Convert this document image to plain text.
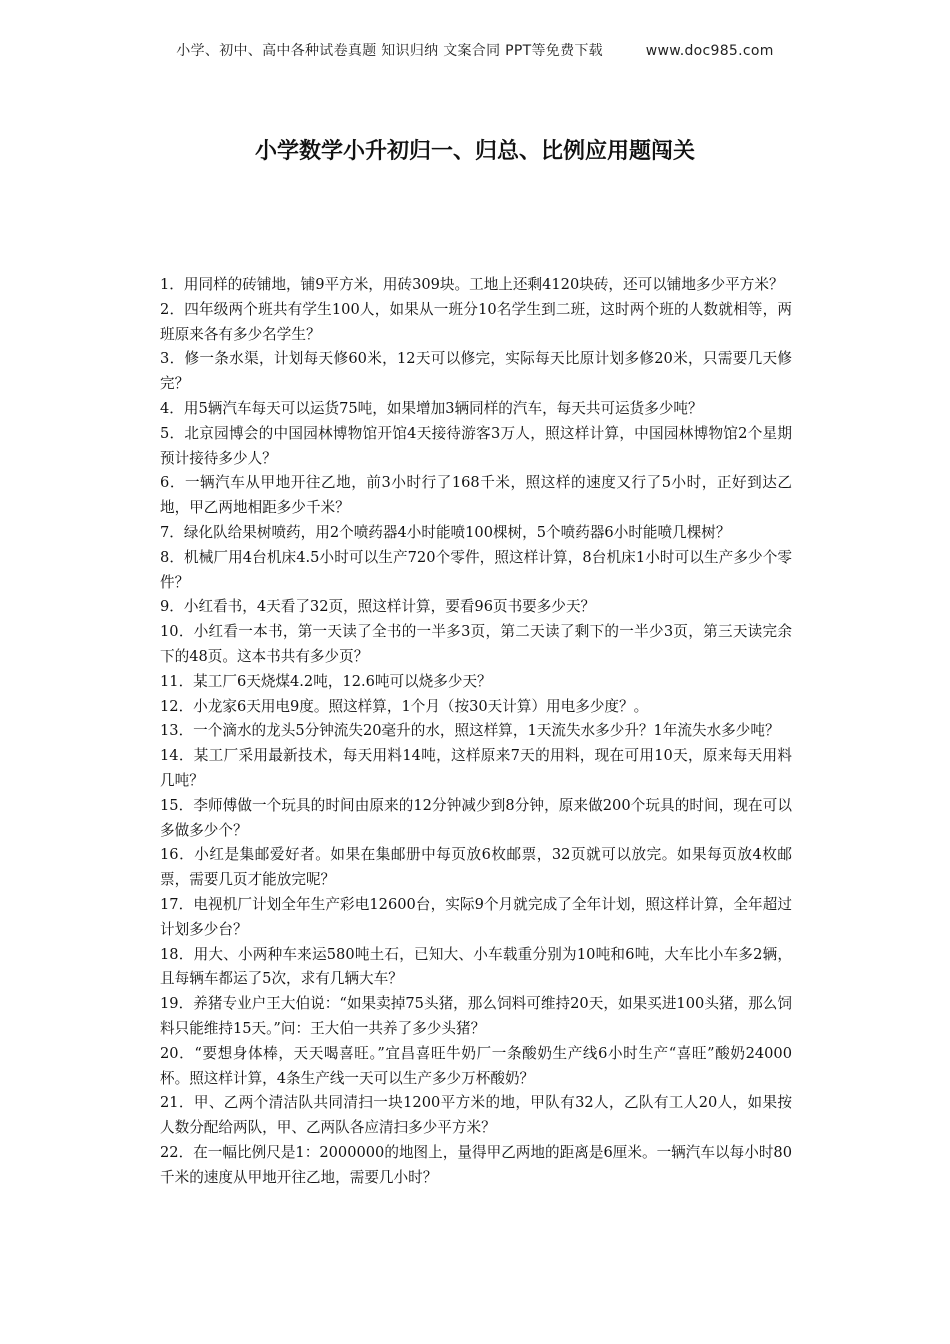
小学、初中、高中各种试卷真题 知识归纳 文案合同 PPT等免费下载	www.doc985.com
小学数学小升初归一、归总、比例应用题闯关

1．用同样的砖铺地，铺9平方米，用砖309块。工地上还剩4120块砖，还可以铺地多少平方米？

2．四年级两个班共有学生100人，如果从一班分10名学生到二班，这时两个班的人数就相等，两班原来各有多少名学生？

3．修一条水渠，计划每天修60米，12天可以修完，实际每天比原计划多修20米，只需要几天修完？

4．用5辆汽车每天可以运货75吨，如果增加3辆同样的汽车，每天共可运货多少吨？

5．北京园博会的中国园林博物馆开馆4天接待游客3万人，照这样计算，中国园林博物馆2个星期预计接待多少人？

6．一辆汽车从甲地开往乙地，前3小时行了168千米，照这样的速度又行了5小时，正好到达乙地，甲乙两地相距多少千米？

7．绿化队给果树喷药，用2个喷药器4小时能喷100棵树，5个喷药器6小时能喷几棵树？

8．机械厂用4台机床4.5小时可以生产720个零件，照这样计算，8台机床1小时可以生产多少个零件？

9．小红看书，4天看了32页，照这样计算，要看96页书要多少天？

10．小红看一本书，第一天读了全书的一半多3页，第二天读了剩下的一半少3页，第三天读完余下的48页。这本书共有多少页？

11．某工厂6天烧煤4.2吨，12.6吨可以烧多少天？

12．小龙家6天用电9度。照这样算，1个月（按30天计算）用电多少度？。

13．一个滴水的龙头5分钟流失20毫升的水，照这样算，1天流失水多少升？1年流失水多少吨？

14．某工厂采用最新技术，每天用料14吨，这样原来7天的用料，现在可用10天，原来每天用料几吨？

15．李师傅做一个玩具的时间由原来的12分钟减少到8分钟，原来做200个玩具的时间，现在可以多做多少个？

16．小红是集邮爱好者。如果在集邮册中每页放6枚邮票，32页就可以放完。如果每页放4枚邮票，需要几页才能放完呢？

17．电视机厂计划全年生产彩电12600台，实际9个月就完成了全年计划，照这样计算，全年超过计划多少台？

18．用大、小两种车来运580吨土石，已知大、小车载重分别为10吨和6吨，大车比小车多2辆，且每辆车都运了5次，求有几辆大车？

19．养猪专业户王大伯说：“如果卖掉75头猪，那么饲料可维持20天，如果买进100头猪，那么饲料只能维持15天。”问：王大伯一共养了多少头猪？

20．“要想身体棒，天天喝喜旺。”宜昌喜旺牛奶厂一条酸奶生产线6小时生产“喜旺”酸奶24000杯。照这样计算，4条生产线一天可以生产多少万杯酸奶？

21．甲、乙两个清洁队共同清扫一块1200平方米的地，甲队有32人，乙队有工人20人，如果按人数分配给两队，甲、乙两队各应清扫多少平方米？

22．在一幅比例尺是1：2000000的地图上，量得甲乙两地的距离是6厘米。一辆汽车以每小时80千米的速度从甲地开往乙地，需要几小时？
